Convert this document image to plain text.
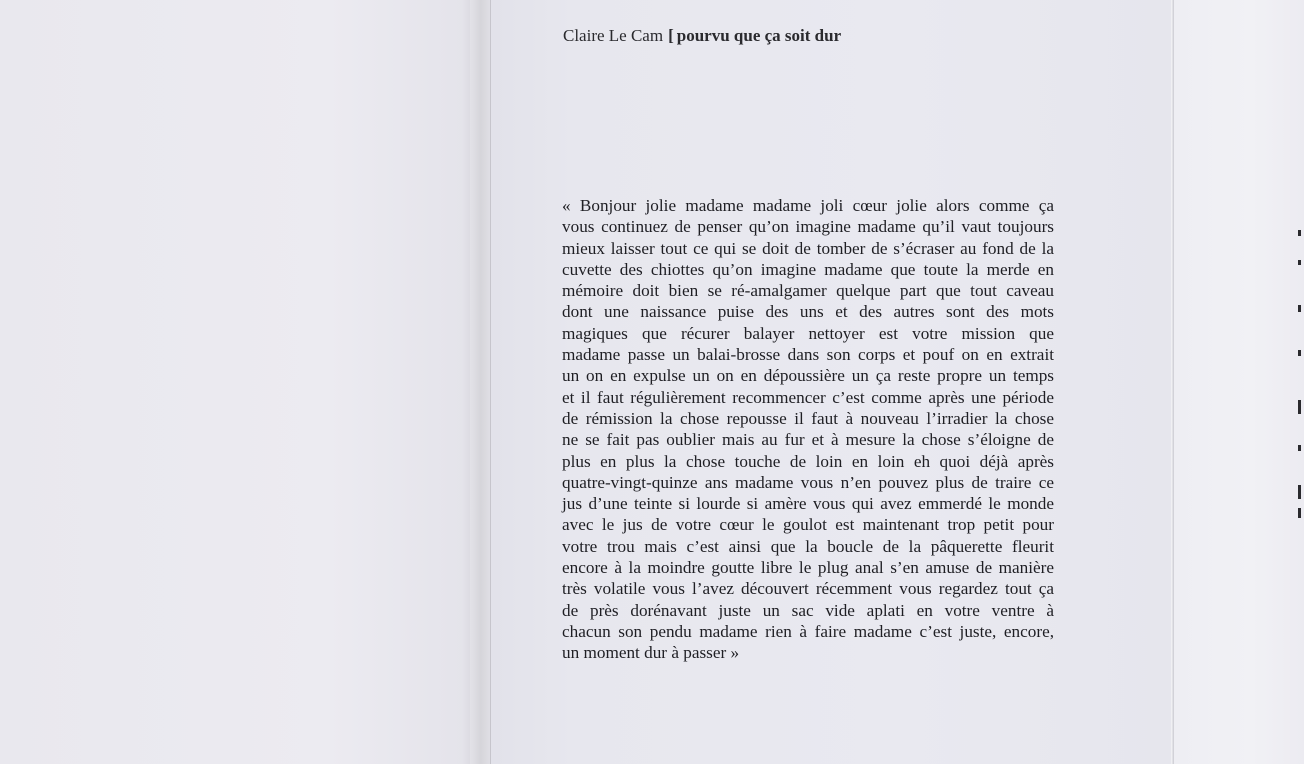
Claire Le Cam [ pourvu que ça soit dur
« Bonjour jolie madame madame joli cœur jolie alors comme ça
vous continuez de penser qu’on imagine madame qu’il vaut toujours
mieux laisser tout ce qui se doit de tomber de s’écraser au fond de la
cuvette des chiottes qu’on imagine madame que toute la merde en
mémoire doit bien se ré-amalgamer quelque part que tout caveau
dont une naissance puise des uns et des autres sont des mots
magiques que récurer balayer nettoyer est votre mission que
madame passe un balai-brosse dans son corps et pouf on en extrait
un on en expulse un on en dépoussière un ça reste propre un temps
et il faut régulièrement recommencer c’est comme après une période
de rémission la chose repousse il faut à nouveau l’irradier la chose
ne se fait pas oublier mais au fur et à mesure la chose s’éloigne de
plus en plus la chose touche de loin en loin eh quoi déjà après
quatre-vingt-quinze ans madame vous n’en pouvez plus de traire ce
jus d’une teinte si lourde si amère vous qui avez emmerdé le monde
avec le jus de votre cœur le goulot est maintenant trop petit pour
votre trou mais c’est ainsi que la boucle de la pâquerette fleurit
encore à la moindre goutte libre le plug anal s’en amuse de manière
très volatile vous l’avez découvert récemment vous regardez tout ça
de près dorénavant juste un sac vide aplati en votre ventre à
chacun son pendu madame rien à faire madame c’est juste, encore,
un moment dur à passer »
